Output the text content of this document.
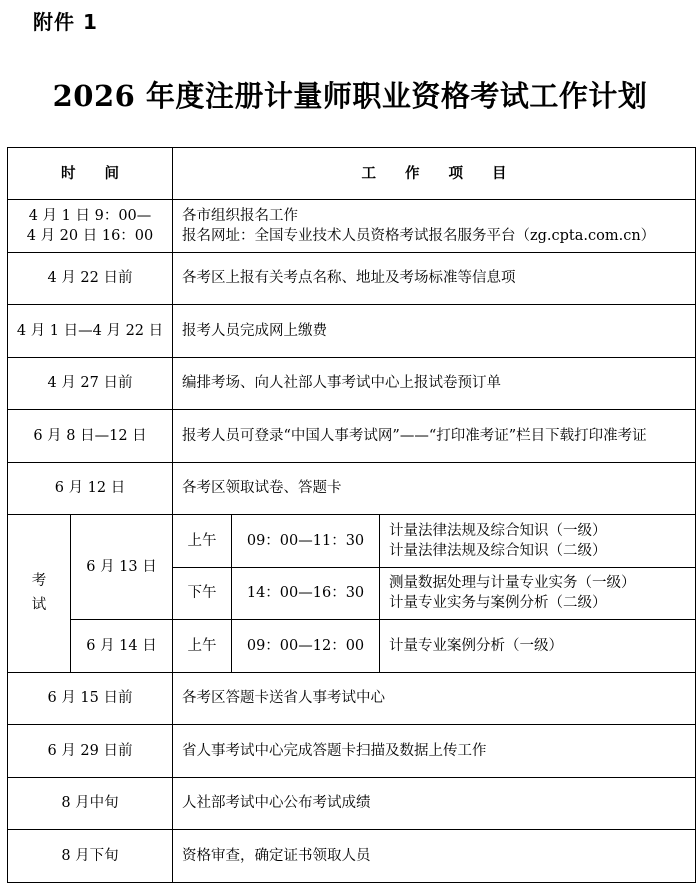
附件 1
2026 年度注册计量师职业资格考试工作计划
时　　间		工　　作　　项　　目		

4 月 1 日 9：00—
4 月 20 日 16：00		各市组织报名工作
报名网址：全国专业技术人员资格考试报名服务平台（zg.cpta.com.cn）		

4 月 22 日前		各考区上报有关考点名称、地址及考场标准等信息项		
4 月 1 日—4 月 22 日		报考人员完成网上缴费		
4 月 27 日前		编排考场、向人社部人事考试中心上报试卷预订单		
6 月 8 日—12 日		报考人员可登录“中国人事考试网”——“打印准考证”栏目下载打印准考证		
6 月 12 日		各考区领取试卷、答题卡		

考
试	6 月 13 日	上午	09：00—11：30	计量法律法规及综合知识（一级）
计量法律法规及综合知识（二级）

		下午	14：00—16：30	测量数据处理与计量专业实务（一级）
计量专业实务与案例分析（二级）

	6 月 14 日	上午	09：00—12：00	计量专业案例分析（一级）
6 月 15 日前		各考区答题卡送省人事考试中心		
6 月 29 日前		省人事考试中心完成答题卡扫描及数据上传工作		
8 月中旬		人社部考试中心公布考试成绩		
8 月下旬		资格审查，确定证书领取人员		
